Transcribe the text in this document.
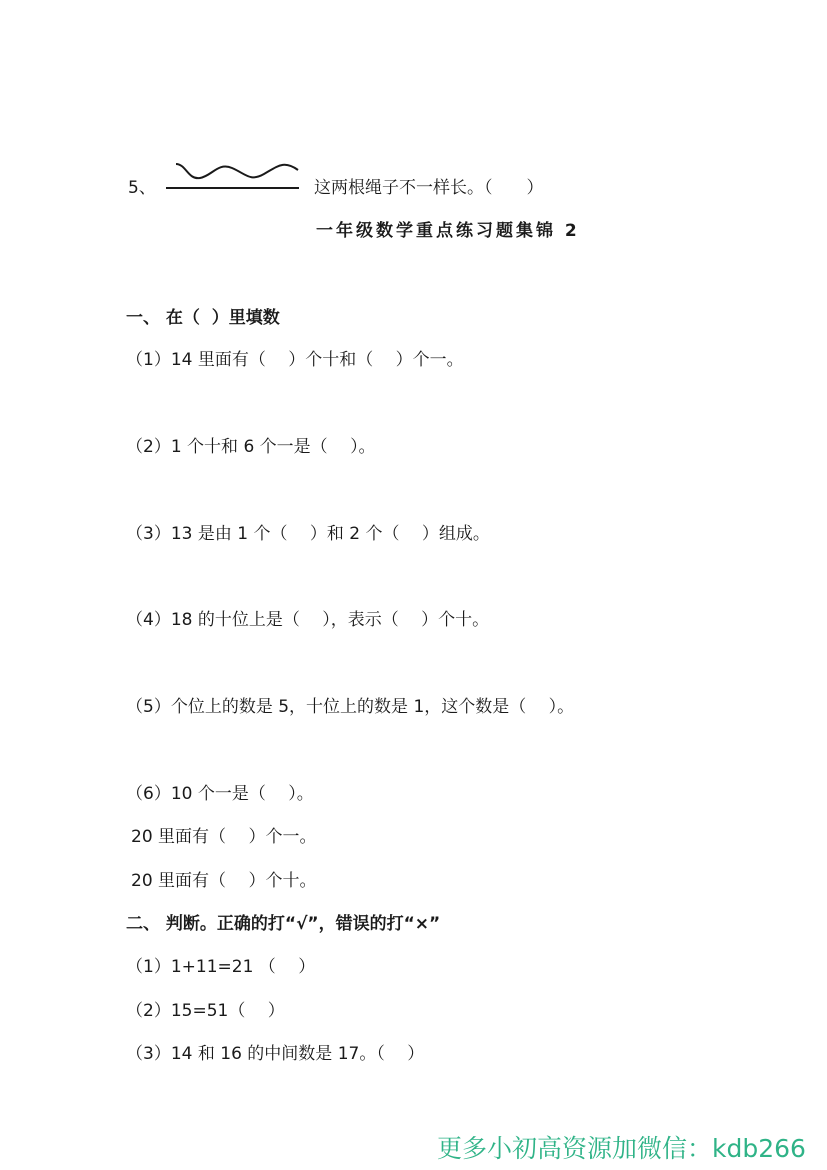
5、	这两根绳子不一样长。（　　）
一年级数学重点练习题集锦 2
一、 在（  ）里填数
（1）14 里面有（　 ）个十和（　 ）个一。
（2）1 个十和 6 个一是（　 ）。
（3）13 是由 1 个（　 ）和 2 个（　 ）组成。
（4）18 的十位上是（　 ），表示（　 ）个十。
（5）个位上的数是 5，十位上的数是 1，这个数是（　 ）。
（6）10 个一是（　 ）。
20 里面有（　 ）个一。
20 里面有（　 ）个十。
二、 判断。正确的打“√”，错误的打“×”
（1）1+11=21 （　 ）
（2）15=51（　 ）
（3）14 和 16 的中间数是 17。（　 ）
更多小初高资源加微信：kdb266
